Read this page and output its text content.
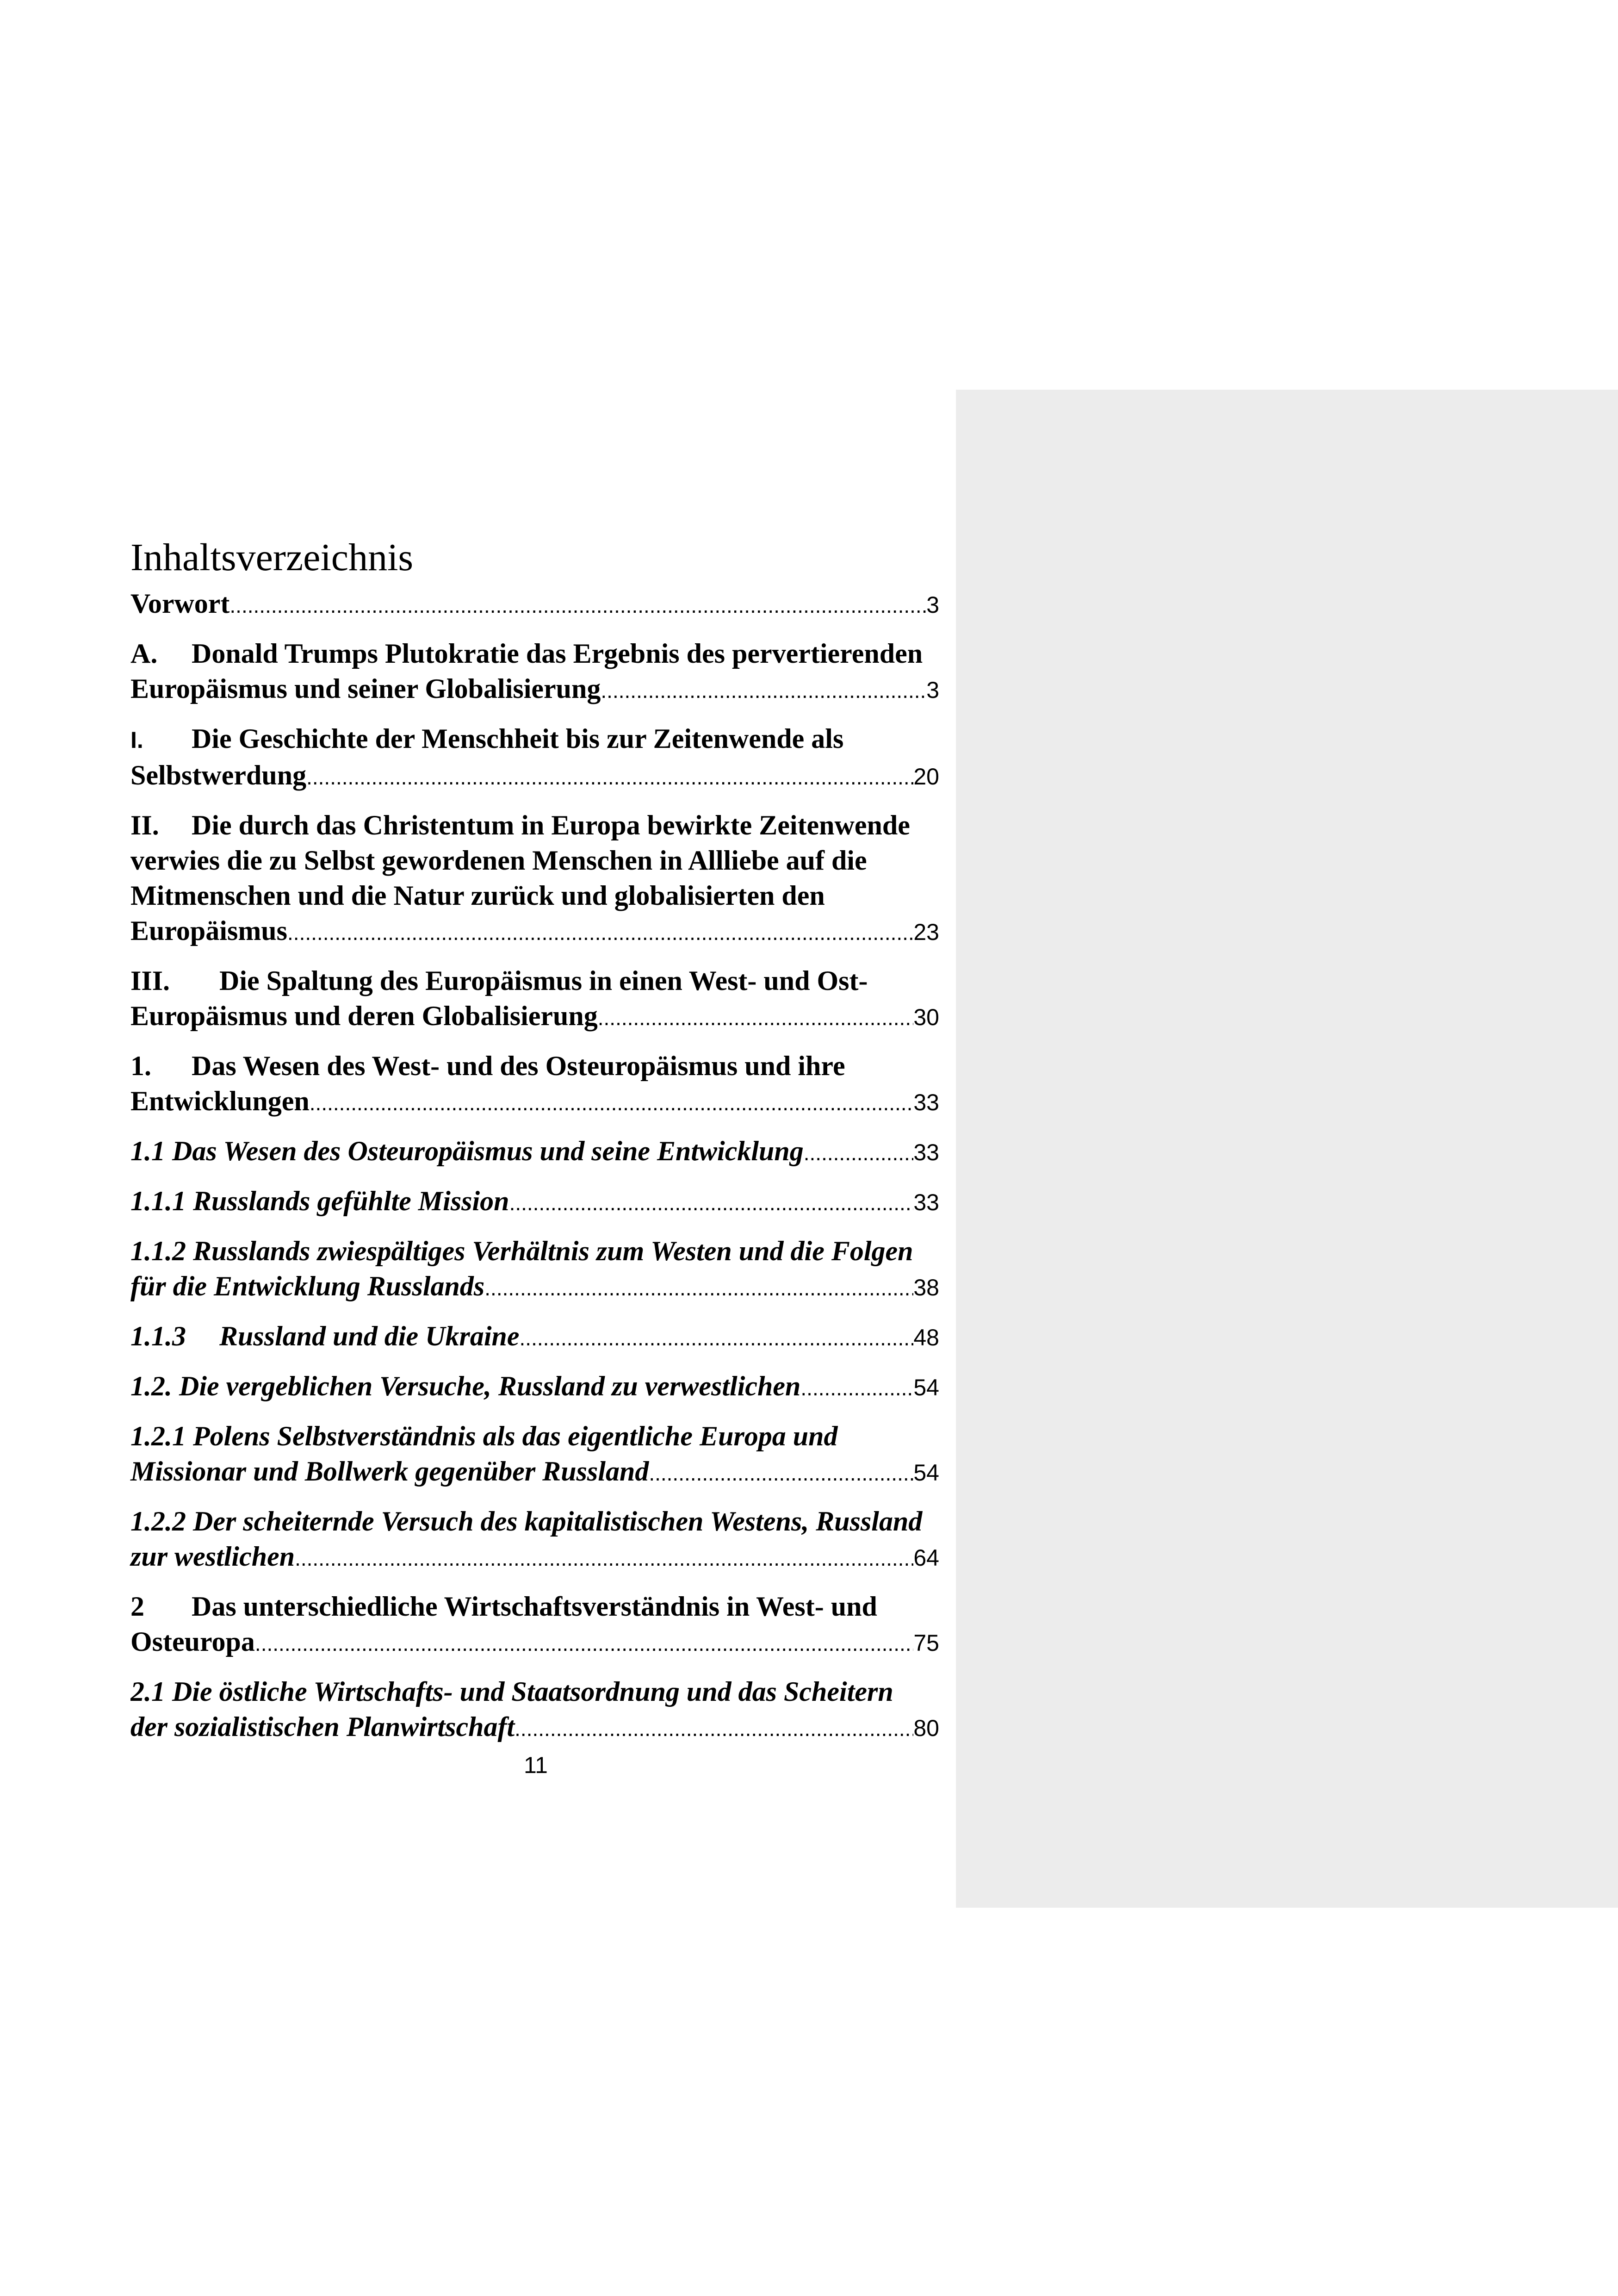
Inhaltsverzeichnis
Vorwort .....	3
A. Donald Trumps Plutokratie das Ergebnis des pervertierenden
Europäismus und seiner Globalisierung .....	3
I. Die Geschichte der Menschheit bis zur Zeitenwende als
Selbstwerdung .....	20
II. Die durch das Christentum in Europa bewirkte Zeitenwende
verwies die zu Selbst gewordenen Menschen in Allliebe auf die
Mitmenschen und die Natur zurück und globalisierten den
Europäismus .....	23
III. Die Spaltung des Europäismus in einen West- und Ost-
Europäismus und deren Globalisierung .....	30
1. Das Wesen des West- und des Osteuropäismus und ihre
Entwicklungen .....	33
1.1 Das Wesen des Osteuropäismus und seine Entwicklung .....	33
1.1.1 Russlands gefühlte Mission .....	33
1.1.2 Russlands zwiespältiges Verhältnis zum Westen und die Folgen
für die Entwicklung Russlands .....	38
1.1.3 Russland und die Ukraine .....	48
1.2. Die vergeblichen Versuche, Russland zu verwestlichen .....	54
1.2.1 Polens Selbstverständnis als das eigentliche Europa und
Missionar und Bollwerk gegenüber Russland .....	54
1.2.2 Der scheiternde Versuch des kapitalistischen Westens, Russland
zur westlichen .....	64
2 Das unterschiedliche Wirtschaftsverständnis in West- und
Osteuropa .....	75
2.1 Die östliche Wirtschafts- und Staatsordnung und das Scheitern
der sozialistischen Planwirtschaft .....	80
11
